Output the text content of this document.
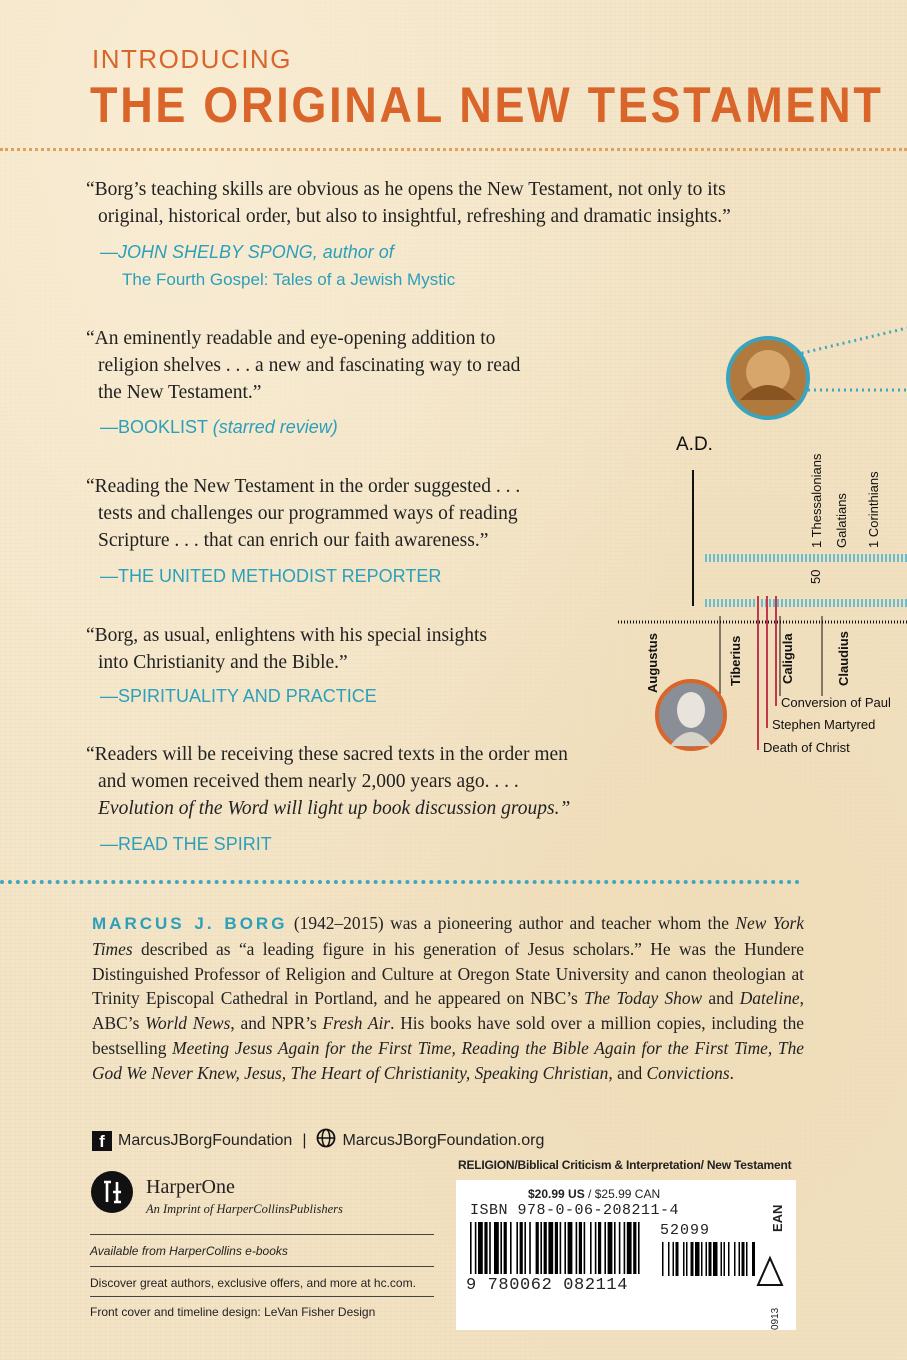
INTRODUCING
THE ORIGINAL NEW TESTAMENT
“Borg’s teaching skills are obvious as he opens the New Testament, not only to its
original, historical order, but also to insightful, refreshing and dramatic insights.”
—JOHN SHELBY SPONG, author of
The Fourth Gospel: Tales of a Jewish Mystic
“An eminently readable and eye-opening addition to
religion shelves . . . a new and fascinating way to read
the New Testament.”
—BOOKLIST (starred review)
“Reading the New Testament in the order suggested . . .
tests and challenges our programmed ways of reading
Scripture . . . that can enrich our faith awareness.”
—THE UNITED METHODIST REPORTER
“Borg, as usual, enlightens with his special insights
into Christianity and the Bible.”
—SPIRITUALITY AND PRACTICE
“Readers will be receiving these sacred texts in the order men
and women received them nearly 2,000 years ago. . . .
Evolution of the Word will light up book discussion groups.”
—READ THE SPIRIT
A.D.
1 Thessalonians Galatians 1 Corinthians
50
Augustus	Tiberius	Caligula	Claudius
Conversion of Paul
Stephen Martyred
Death of Christ
MARCUS J. BORG (1942–2015) was a pioneering author and teacher whom the New York Times described as “a leading figure in his generation of Jesus scholars.” He was the Hundere Distinguished Professor of Religion and Culture at Oregon State University and canon theologian at Trinity Episcopal Cathedral in Portland, and he appeared on NBC’s The Today Show and Dateline, ABC’s World News, and NPR’s Fresh Air. His books have sold over a million copies, including the bestselling Meeting Jesus Again for the First Time, Reading the Bible Again for the First Time, The God We Never Knew, Jesus, The Heart of Christianity, Speaking Christian, and Convictions.
f MarcusJBorgFoundation | MarcusJBorgFoundation.org
HarperOne
An Imprint of HarperCollinsPublishers
Available from HarperCollins e-books
Discover great authors, exclusive offers, and more at hc.com.
Front cover and timeline design: LeVan Fisher Design
RELIGION/Biblical Criticism & Interpretation/ New Testament
$20.99 US / $25.99 CAN
ISBN 978-0-06-208211-4
52099
9 780062 082114
EAN
0913
